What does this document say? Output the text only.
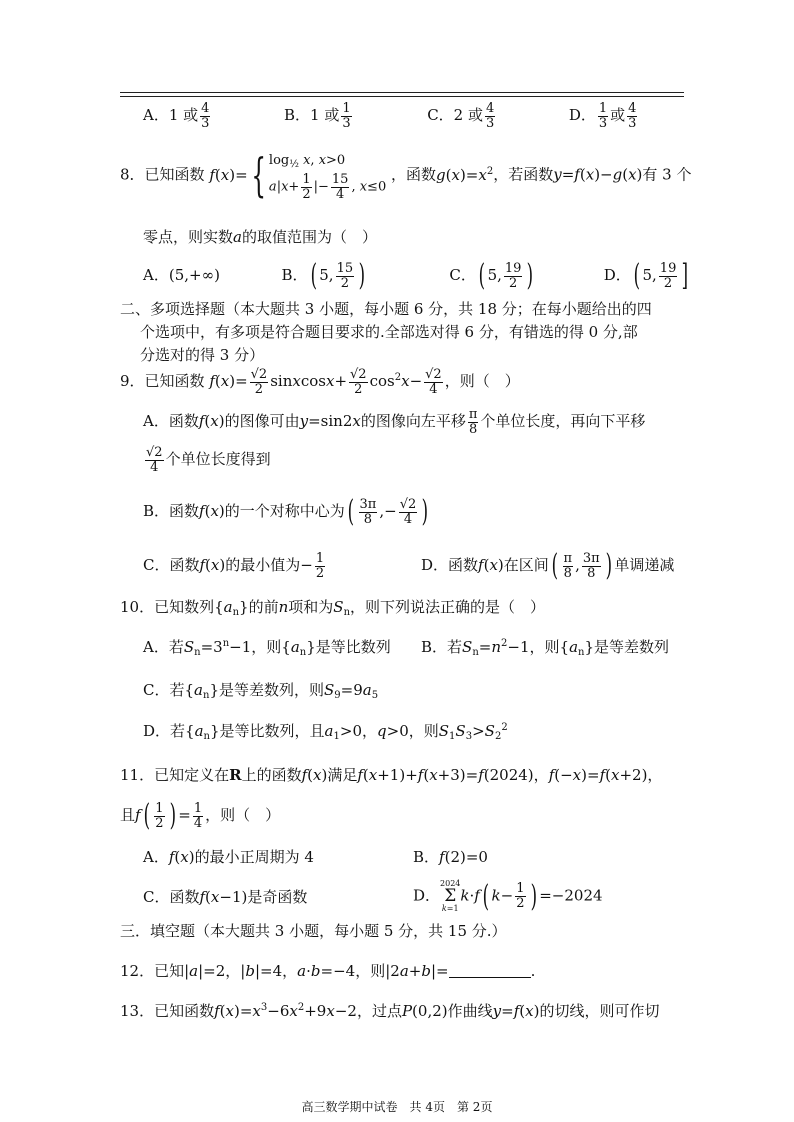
A．1 或 $\frac{4}{3}$	B．1 或 $\frac{1}{3}$	C．2 或 $\frac{4}{3}$	D． $\frac{1}{3}$ 或 $\frac{4}{3}$
8．已知函数 f(x)={ $\log_{\frac{1}{2}} x$, x>0
$a|x+ \frac{1}{2}$ |− $\frac{15}{4}$ , x≤0 ，函数$g(x)=x^2$，若函数y=f(x)−g(x)有 3 个
零点，则实数a的取值范围为（　）
A．(5,+∞)	B．( 5, $\frac{15}{2}$ )	C．( 5, $\frac{19}{2}$ )	D．( 5, $\frac{19}{2}$ ]
二、多项选择题（本大题共 3 小题，每小题 6 分，共 18 分；在每小题给出的四
个选项中，有多项是符合题目要求的.全部选对得 6 分，有错选的得 0 分,部
分选对的得 3 分）
9．已知函数 $f(x)= \frac{√2}{2}$ sinxcosx+ $\frac{√2}{2} \cos^2x- \frac{√2}{4}$ ，则（　）
A．函数f(x)的图像可由y=sin2x的图像向左平移 $\frac{\pi}{8}$ 个单位长度，再向下平移
$\frac{√2}{4}$ 个单位长度得到
B．函数f(x)的一个对称中心为( $\frac{3\pi}{8}$ ,− $\frac{√2}{4}$ )
C．函数f(x)的最小值为− $\frac{1}{2}$	D．函数f(x)在区间( $\frac{\pi}{8}$ , $\frac{3\pi}{8}$ ) 单调递减
10．已知数列$\{a_n\}$的前n项和为$S_n$，则下列说法正确的是（　）
A．若$S_n=3^n-1$，则$\{a_n\}$是等比数列 B．若$S_n=n^2-1$，则$\{a_n\}$是等差数列
C．若$\{a_n\}$是等差数列，则$S_9=9a_5$
D．若$\{a_n\}$是等比数列，且$a_1>0$，q>0，则$S_1S_3>S_2^2$
11．已知定义在R上的函数f(x)满足f(x+1)+f(x+3)=f(2024)，f(−x)=f(x+2)，
且$f( \frac{1}{2}$ ) = $\frac{1}{4}$ ，则（　）
A．f(x)的最小正周期为 4	B．f(2)=0
C．函数f(x−1)是奇函数	D．
2024
Σ
k=1
k·f( $k- \frac{1}{2}$ ) =−2024
三．填空题（本大题共 3 小题，每小题 5 分，共 15 分.）
12．已知|a|=2，|b|=4，a·b=−4，则|2a+b|=	.
13．已知函数$f(x)=x^3-6x^2+9x-2$，过点P(0,2)作曲线y=f(x)的切线，则可作切
高三数学期中试卷　共 4页　第 2页
